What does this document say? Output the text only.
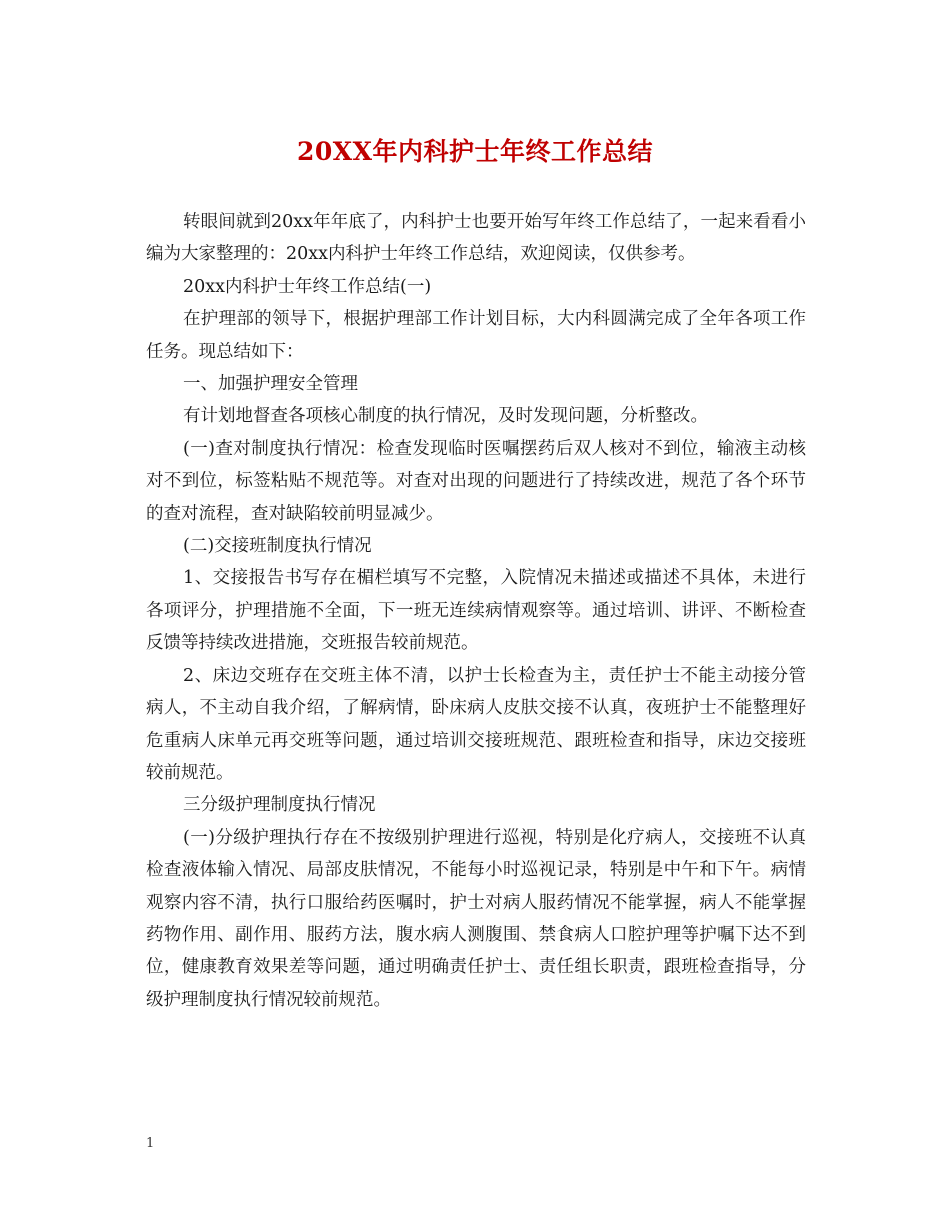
20XX年内科护士年终工作总结

转眼间就到20xx年年底了，内科护士也要开始写年终工作总结了，一起来看看小编为大家整理的：20xx内科护士年终工作总结，欢迎阅读，仅供参考。

20xx内科护士年终工作总结(一)

在护理部的领导下，根据护理部工作计划目标，大内科圆满完成了全年各项工作任务。现总结如下：

一、加强护理安全管理

有计划地督查各项核心制度的执行情况，及时发现问题，分析整改。

(一)查对制度执行情况：检查发现临时医嘱摆药后双人核对不到位，输液主动核对不到位，标签粘贴不规范等。对查对出现的问题进行了持续改进，规范了各个环节的查对流程，查对缺陷较前明显减少。

(二)交接班制度执行情况

1、交接报告书写存在楣栏填写不完整，入院情况未描述或描述不具体，未进行各项评分，护理措施不全面，下一班无连续病情观察等。通过培训、讲评、不断检查反馈等持续改进措施，交班报告较前规范。

2、床边交班存在交班主体不清，以护士长检查为主，责任护士不能主动接分管病人，不主动自我介绍，了解病情，卧床病人皮肤交接不认真，夜班护士不能整理好危重病人床单元再交班等问题，通过培训交接班规范、跟班检查和指导，床边交接班较前规范。

三分级护理制度执行情况

(一)分级护理执行存在不按级别护理进行巡视，特别是化疗病人，交接班不认真检查液体输入情况、局部皮肤情况，不能每小时巡视记录，特别是中午和下午。病情观察内容不清，执行口服给药医嘱时，护士对病人服药情况不能掌握，病人不能掌握药物作用、副作用、服药方法，腹水病人测腹围、禁食病人口腔护理等护嘱下达不到位，健康教育效果差等问题，通过明确责任护士、责任组长职责，跟班检查指导，分级护理制度执行情况较前规范。

1
